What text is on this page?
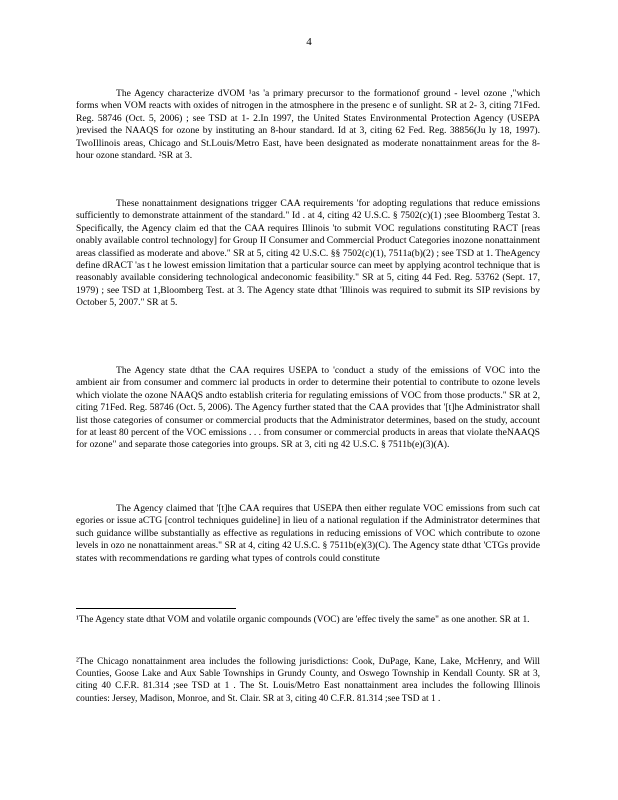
4

The Agency characterize dVOM ¹as 'a primary precursor to the formationof ground - level ozone ,"which forms when VOM reacts with oxides of nitrogen in the atmosphere in the presenc e of sunlight. SR at 2- 3, citing 71Fed. Reg. 58746 (Oct. 5, 2006) ; see TSD at 1- 2.In 1997, the United States Environmental Protection Agency (USEPA )revised the NAAQS for ozone by instituting an 8-hour standard. Id at 3, citing 62 Fed. Reg. 38856(Ju ly 18, 1997). TwoIllinois areas, Chicago and St.Louis/Metro East, have been designated as moderate nonattainment areas for the 8-hour ozone standard. ²SR at 3.

These nonattainment designations trigger CAA requirements 'for adopting regulations that reduce emissions sufficiently to demonstrate attainment of the standard." Id . at 4, citing 42 U.S.C. § 7502(c)(1) ;see Bloomberg Testat 3. Specifically, the Agency claim ed that the CAA requires Illinois 'to submit VOC regulations constituting RACT [reas onably available control technology] for Group II Consumer and Commercial Product Categories inozone nonattainment areas classified as moderate and above." SR at 5, citing 42 U.S.C. §§ 7502(c)(1), 7511a(b)(2) ; see TSD at 1. TheAgency define dRACT 'as t he lowest emission limitation that a particular source can meet by applying acontrol technique that is reasonably available considering technological andeconomic feasibility." SR at 5, citing 44 Fed. Reg. 53762 (Sept. 17, 1979) ; see TSD at 1,Bloomberg Test. at 3. The Agency state dthat 'Illinois was required to submit its SIP revisions by October 5, 2007." SR at 5.

The Agency state dthat the CAA requires USEPA to 'conduct a study of the emissions of VOC into the ambient air from consumer and commerc ial products in order to determine their potential to contribute to ozone levels which violate the ozone NAAQS andto establish criteria for regulating emissions of VOC from those products." SR at 2, citing 71Fed. Reg. 58746 (Oct. 5, 2006). The Agency further stated that the CAA provides that '[t]he Administrator shall list those categories of consumer or commercial products that the Administrator determines, based on the study, account for at least 80 percent of the VOC emissions . . . from consumer or commercial products in areas that violate theNAAQS for ozone" and separate those categories into groups. SR at 3, citi ng 42 U.S.C. § 7511b(e)(3)(A).

The Agency claimed that '[t]he CAA requires that USEPA then either regulate VOC emissions from such cat egories or issue aCTG [control techniques guideline] in lieu of a national regulation if the Administrator determines that such guidance willbe substantially as effective as regulations in reducing emissions of VOC which contribute to ozone levels in ozo ne nonattainment areas." SR at 4, citing 42 U.S.C. § 7511b(e)(3)(C). The Agency state dthat 'CTGs provide states with recommendations re garding what types of controls could constitute

¹The Agency state dthat VOM and volatile organic compounds (VOC) are 'effec tively the same" as one another. SR at 1.

²The Chicago nonattainment area includes the following jurisdictions: Cook, DuPage, Kane, Lake, McHenry, and Will Counties, Goose Lake and Aux Sable Townships in Grundy County, and Oswego Township in Kendall County. SR at 3, citing 40 C.F.R. 81.314 ;see TSD at 1 . The St. Louis/Metro East nonattainment area includes the following Illinois counties: Jersey, Madison, Monroe, and St. Clair. SR at 3, citing 40 C.F.R. 81.314 ;see TSD at 1 .
